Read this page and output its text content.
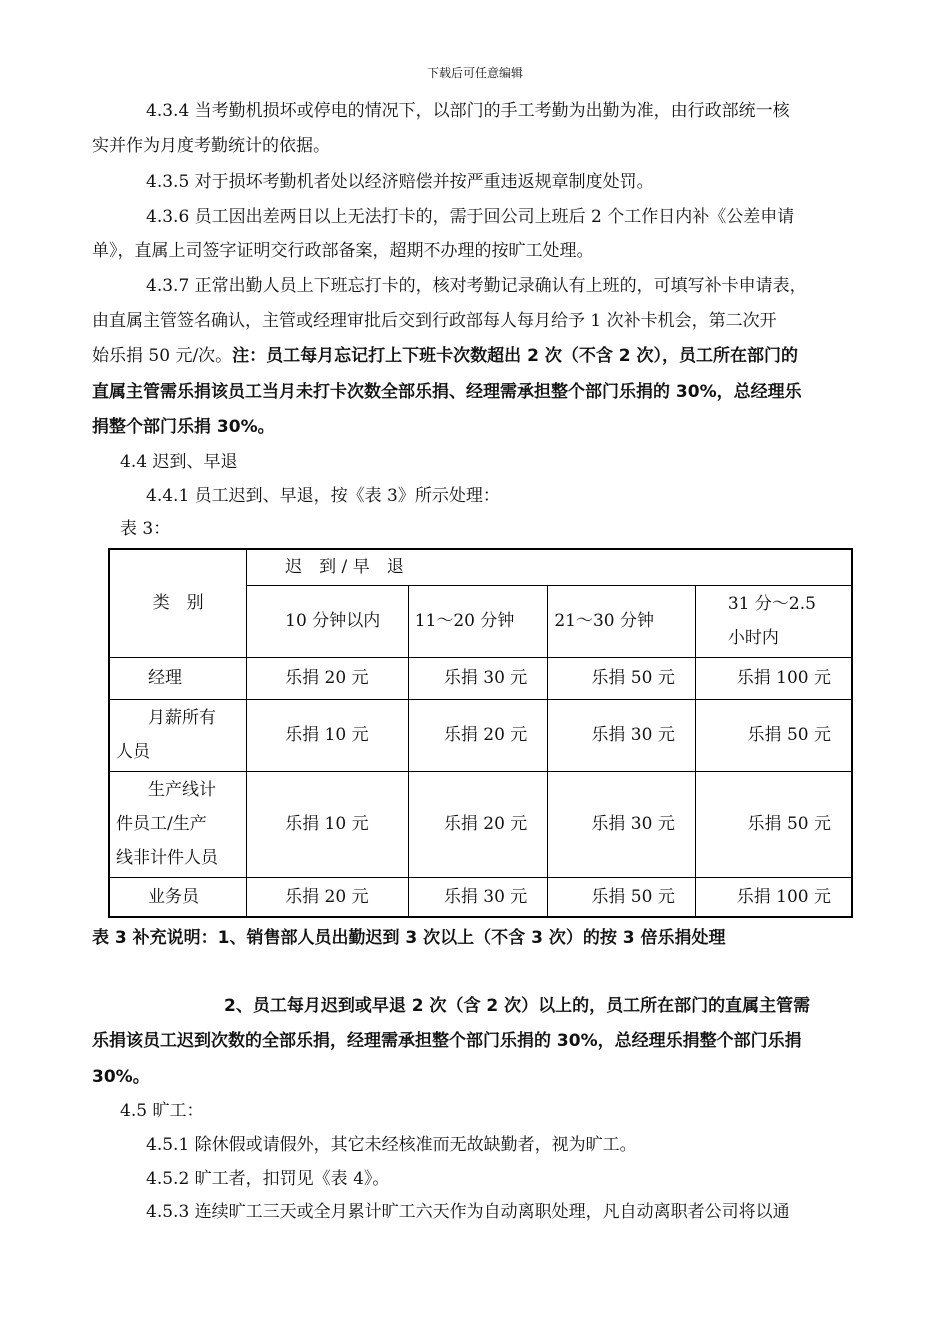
下载后可任意编辑
4.3.4 当考勤机损坏或停电的情况下，以部门的手工考勤为出勤为准，由行政部统一核
实并作为月度考勤统计的依据。
4.3.5 对于损坏考勤机者处以经济赔偿并按严重违返规章制度处罚。
4.3.6 员工因出差两日以上无法打卡的，需于回公司上班后 2 个工作日内补《公差申请
单》，直属上司签字证明交行政部备案，超期不办理的按旷工处理。
4.3.7 正常出勤人员上下班忘打卡的，核对考勤记录确认有上班的，可填写补卡申请表，
由直属主管签名确认，主管或经理审批后交到行政部每人每月给予 1 次补卡机会，第二次开
始乐捐 50 元/次。注：员工每月忘记打上下班卡次数超出 2 次（不含 2 次），员工所在部门的
直属主管需乐捐该员工当月未打卡次数全部乐捐、经理需承担整个部门乐捐的 30%，总经理乐
捐整个部门乐捐 30%。
4.4 迟到、早退
4.4.1 员工迟到、早退，按《表 3》所示处理：
表 3：
类　别	迟　到 / 早　退			
	10 分钟以内	11～20 分钟	21～30 分钟	31 分～2.5
小时内
经理	乐捐 20 元	乐捐 30 元	乐捐 50 元	乐捐 100 元
月薪所有
人员	乐捐 10 元	乐捐 20 元	乐捐 30 元	乐捐 50 元
生产线计
件员工/生产
线非计件人员	乐捐 10 元	乐捐 20 元	乐捐 30 元	乐捐 50 元
业务员	乐捐 20 元	乐捐 30 元	乐捐 50 元	乐捐 100 元
表 3 补充说明：1、销售部人员出勤迟到 3 次以上（不含 3 次）的按 3 倍乐捐处理
2、员工每月迟到或早退 2 次（含 2 次）以上的，员工所在部门的直属主管需
乐捐该员工迟到次数的全部乐捐，经理需承担整个部门乐捐的 30%，总经理乐捐整个部门乐捐
30%。
4.5 旷工：
4.5.1 除休假或请假外，其它未经核准而无故缺勤者，视为旷工。
4.5.2 旷工者，扣罚见《表 4》。
4.5.3 连续旷工三天或全月累计旷工六天作为自动离职处理，凡自动离职者公司将以通
